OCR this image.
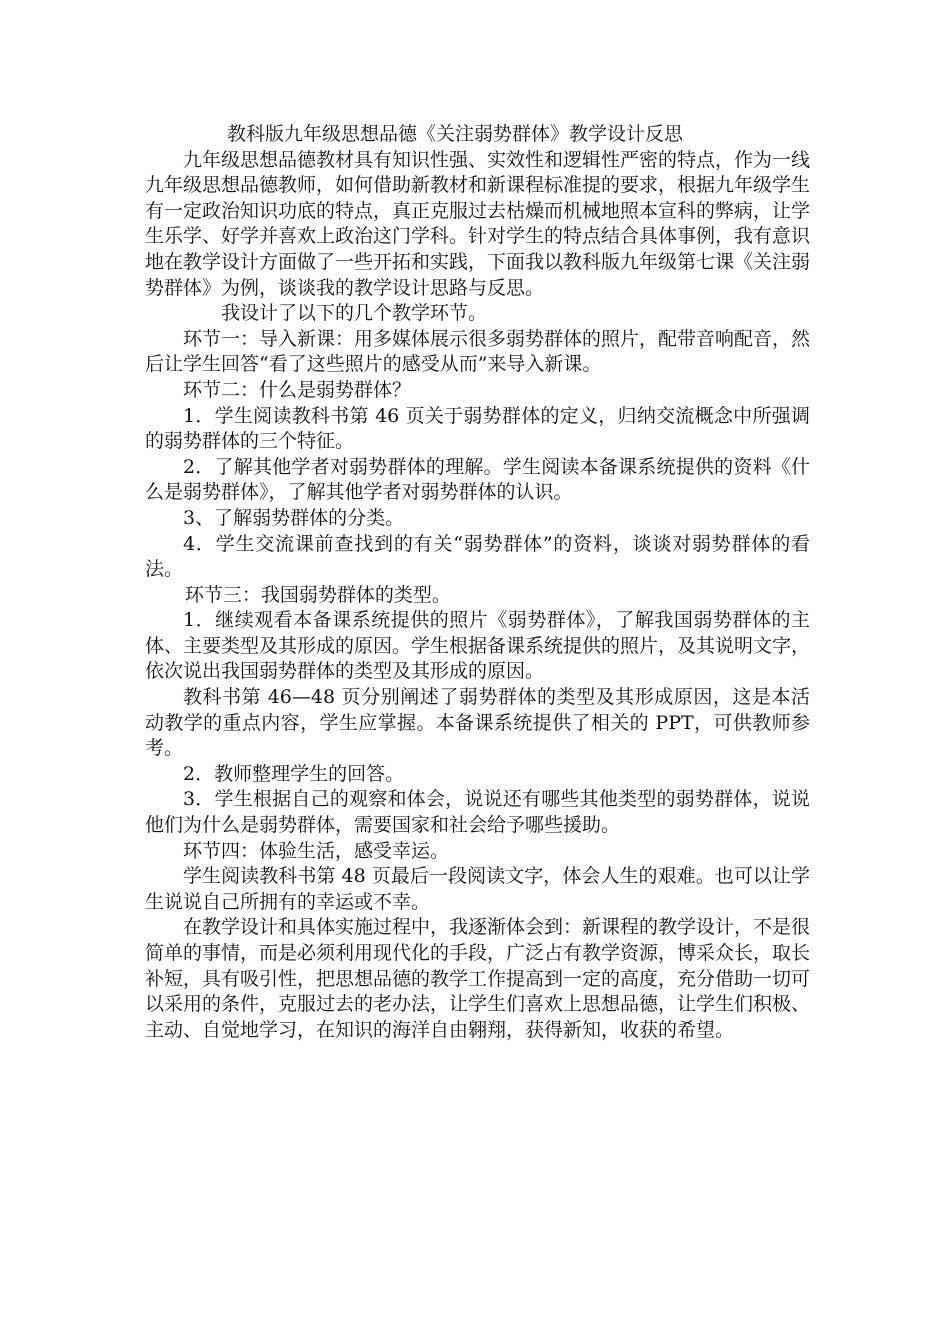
教科版九年级思想品德《关注弱势群体》教学设计反思

九年级思想品德教材具有知识性强、实效性和逻辑性严密的特点，作为一线九年级思想品德教师，如何借助新教材和新课程标准提的要求，根据九年级学生有一定政治知识功底的特点，真正克服过去枯燥而机械地照本宣科的弊病，让学生乐学、好学并喜欢上政治这门学科。针对学生的特点结合具体事例，我有意识地在教学设计方面做了一些开拓和实践，下面我以教科版九年级第七课《关注弱势群体》为例，谈谈我的教学设计思路与反思。

我设计了以下的几个教学环节。

环节一：导入新课：用多媒体展示很多弱势群体的照片，配带音响配音，然后让学生回答“看了这些照片的感受从而”来导入新课。

环节二：什么是弱势群体？

1．学生阅读教科书第 46 页关于弱势群体的定义，归纳交流概念中所强调的弱势群体的三个特征。

2．了解其他学者对弱势群体的理解。学生阅读本备课系统提供的资料《什么是弱势群体》，了解其他学者对弱势群体的认识。

3、了解弱势群体的分类。

4．学生交流课前查找到的有关“弱势群体”的资料，谈谈对弱势群体的看法。

环节三：我国弱势群体的类型。

1．继续观看本备课系统提供的照片《弱势群体》，了解我国弱势群体的主体、主要类型及其形成的原因。学生根据备课系统提供的照片，及其说明文字，依次说出我国弱势群体的类型及其形成的原因。

教科书第 46—48 页分别阐述了弱势群体的类型及其形成原因，这是本活动教学的重点内容，学生应掌握。本备课系统提供了相关的 PPT，可供教师参考。

2．教师整理学生的回答。

3．学生根据自己的观察和体会，说说还有哪些其他类型的弱势群体，说说他们为什么是弱势群体，需要国家和社会给予哪些援助。

环节四：体验生活，感受幸运。

学生阅读教科书第 48 页最后一段阅读文字，体会人生的艰难。也可以让学生说说自己所拥有的幸运或不幸。

在教学设计和具体实施过程中，我逐渐体会到：新课程的教学设计，不是很简单的事情，而是必须利用现代化的手段，广泛占有教学资源，博采众长，取长补短，具有吸引性，把思想品德的教学工作提高到一定的高度，充分借助一切可以采用的条件，克服过去的老办法，让学生们喜欢上思想品德，让学生们积极、主动、自觉地学习，在知识的海洋自由翱翔，获得新知，收获的希望。
